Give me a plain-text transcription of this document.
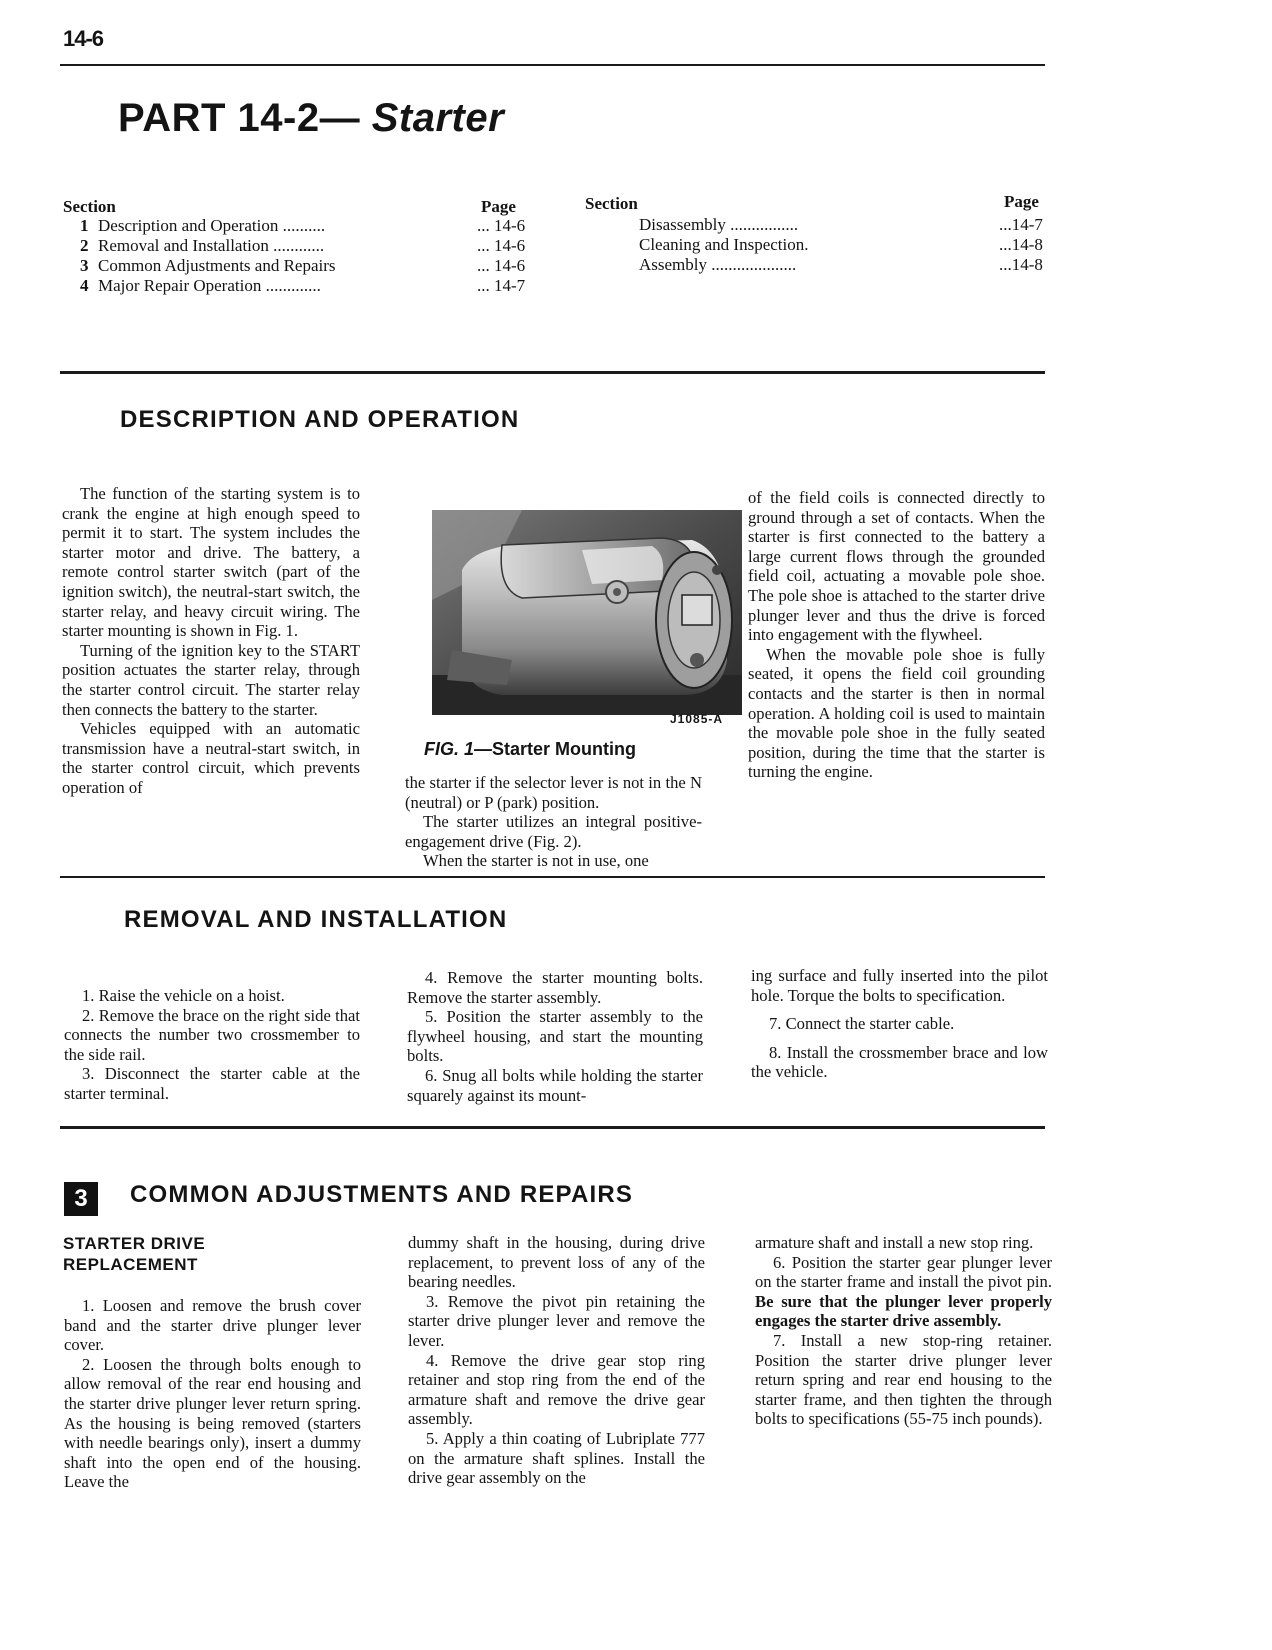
14-6
PART 14-2— Starter
Section	Page	Section	Page
1 Description and Operation ..........	... 14-6
2 Removal and Installation ............	... 14-6
3 Common Adjustments and Repairs	... 14-6
4 Major Repair Operation .............	... 14-7
Disassembly ................	...14-7
Cleaning and Inspection.	...14-8
Assembly ....................	...14-8
DESCRIPTION AND OPERATION

The function of the starting system is to crank the engine at high enough speed to permit it to start. The system includes the starter motor and drive. The battery, a remote control starter switch (part of the ignition switch), the neutral-start switch, the starter relay, and heavy circuit wiring. The starter mounting is shown in Fig. 1.

Turning of the ignition key to the START position actuates the starter relay, through the starter control circuit. The starter relay then connects the battery to the starter.

Vehicles equipped with an automatic transmission have a neutral-start switch, in the starter control circuit, which prevents operation of

J1085-A
FIG. 1—Starter Mounting

the starter if the selector lever is not in the N (neutral) or P (park) position.

The starter utilizes an integral positive-engagement drive (Fig. 2).

When the starter is not in use, one

of the field coils is connected directly to ground through a set of contacts. When the starter is first connected to the battery a large current flows through the grounded field coil, actuating a movable pole shoe. The pole shoe is attached to the starter drive plunger lever and thus the drive is forced into engagement with the flywheel.

When the movable pole shoe is fully seated, it opens the field coil grounding contacts and the starter is then in normal operation. A holding coil is used to maintain the movable pole shoe in the fully seated position, during the time that the starter is turning the engine.

REMOVAL AND INSTALLATION

1. Raise the vehicle on a hoist.

2. Remove the brace on the right side that connects the number two crossmember to the side rail.

3. Disconnect the starter cable at the starter terminal.

4. Remove the starter mounting bolts. Remove the starter assembly.

5. Position the starter assembly to the flywheel housing, and start the mounting bolts.

6. Snug all bolts while holding the starter squarely against its mount-

ing surface and fully inserted into the pilot hole. Torque the bolts to specification.

7. Connect the starter cable.

8. Install the crossmember brace and low the vehicle.

3	COMMON ADJUSTMENTS AND REPAIRS
STARTER DRIVE
REPLACEMENT

1. Loosen and remove the brush cover band and the starter drive plunger lever cover.

2. Loosen the through bolts enough to allow removal of the rear end housing and the starter drive plunger lever return spring. As the housing is being removed (starters with needle bearings only), insert a dummy shaft into the open end of the housing. Leave the

dummy shaft in the housing, during drive replacement, to prevent loss of any of the bearing needles.

3. Remove the pivot pin retaining the starter drive plunger lever and remove the lever.

4. Remove the drive gear stop ring retainer and stop ring from the end of the armature shaft and remove the drive gear assembly.

5. Apply a thin coating of Lubriplate 777 on the armature shaft splines. Install the drive gear assembly on the

armature shaft and install a new stop ring.

6. Position the starter gear plunger lever on the starter frame and install the pivot pin. Be sure that the plunger lever properly engages the starter drive assembly.

7. Install a new stop-ring retainer. Position the starter drive plunger lever return spring and rear end housing to the starter frame, and then tighten the through bolts to specifications (55-75 inch pounds).
